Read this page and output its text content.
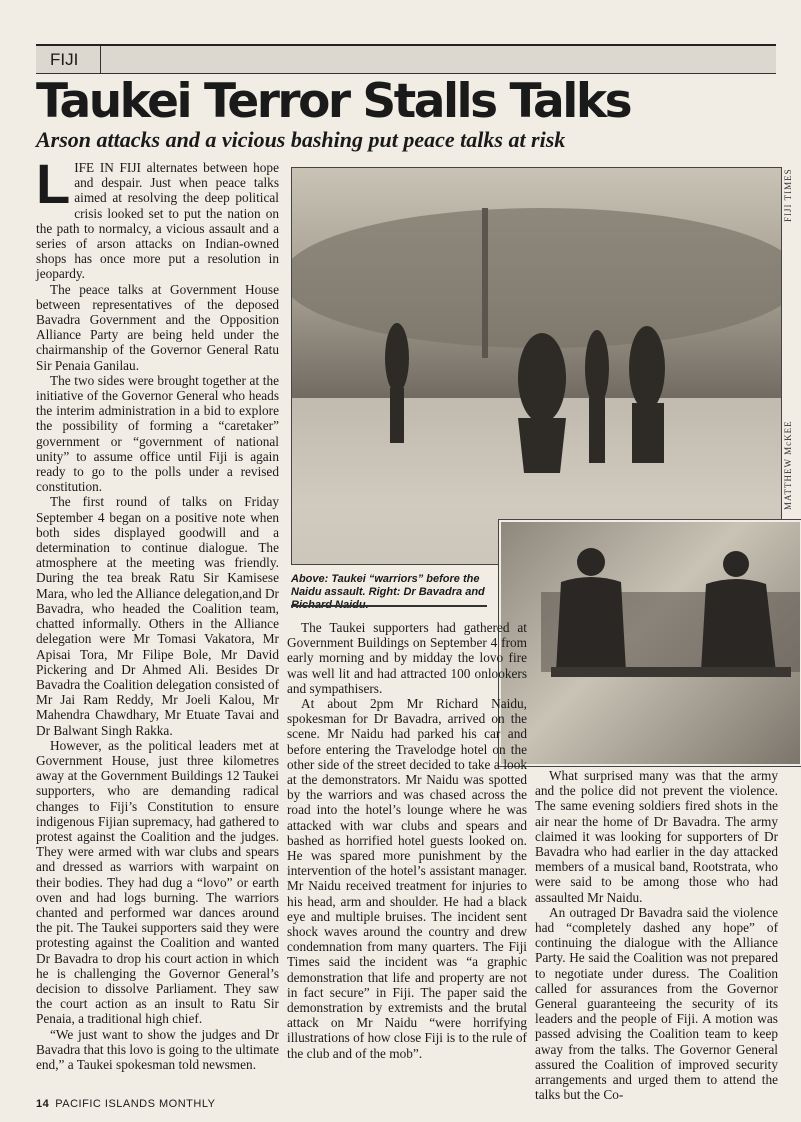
FIJI
Taukei Terror Stalls Talks
Arson attacks and a vicious bashing put peace talks at risk

LIFE IN FIJI alternates between hope and despair. Just when peace talks aimed at resolving the deep political crisis looked set to put the nation on the path to normalcy, a vicious assault and a series of arson attacks on Indian-owned shops has once more put a resolution in jeopardy.

The peace talks at Government House between representatives of the deposed Bavadra Government and the Opposition Alliance Party are being held under the chairmanship of the Governor General Ratu Sir Penaia Ganilau.

The two sides were brought together at the initiative of the Governor General who heads the interim administration in a bid to explore the possibility of forming a “caretaker” government or “government of national unity” to assume office until Fiji is again ready to go to the polls under a revised constitution.

The first round of talks on Friday September 4 began on a positive note when both sides displayed goodwill and a determination to continue dialogue. The atmosphere at the meeting was friendly. During the tea break Ratu Sir Kamisese Mara, who led the Alliance delegation,and Dr Bavadra, who headed the Coalition team, chatted informally. Others in the Alliance delegation were Mr Tomasi Vakatora, Mr Apisai Tora, Mr Filipe Bole, Mr David Pickering and Dr Ahmed Ali. Besides Dr Bavadra the Coalition delegation consisted of Mr Jai Ram Reddy, Mr Joeli Kalou, Mr Mahendra Chawdhary, Mr Etuate Tavai and Dr Balwant Singh Rakka.

However, as the political leaders met at Government House, just three kilometres away at the Government Buildings 12 Taukei supporters, who are demanding radical changes to Fiji’s Constitution to ensure indigenous Fijian supremacy, had gathered to protest against the Coalition and the judges. They were armed with war clubs and spears and dressed as warriors with warpaint on their bodies. They had dug a “lovo” or earth oven and had logs burning. The warriors chanted and performed war dances around the pit. The Taukei supporters said they were protesting against the Coalition and wanted Dr Bavadra to drop his court action in which he is challenging the Governor General’s decision to dissolve Parliament. They saw the court action as an insult to Ratu Sir Penaia, a traditional high chief.

“We just want to show the judges and Dr Bavadra that this lovo is going to the ultimate end,” a Taukei spokesman told newsmen.

FIJI TIMES
MATTHEW McKEE
Above: Taukei “warriors” before the Naidu assault. Right: Dr Bavadra and Richard Naidu.

The Taukei supporters had gathered at Government Buildings on September 4 from early morning and by midday the lovo fire was well lit and had attracted 100 onlookers and sympathisers.

At about 2pm Mr Richard Naidu, spokesman for Dr Bavadra, arrived on the scene. Mr Naidu had parked his car and before entering the Travelodge hotel on the other side of the street decided to take a look at the demonstrators. Mr Naidu was spotted by the warriors and was chased across the road into the hotel’s lounge where he was attacked with war clubs and spears and bashed as horrified hotel guests looked on. He was spared more punishment by the intervention of the hotel’s assistant manager. Mr Naidu received treatment for injuries to his head, arm and shoulder. He had a black eye and multiple bruises. The incident sent shock waves around the country and drew condemnation from many quarters. The Fiji Times said the incident was “a graphic demonstration that life and property are not in fact secure” in Fiji. The paper said the demonstration by extremists and the brutal attack on Mr Naidu “were horrifying illustrations of how close Fiji is to the rule of the club and of the mob”.

What surprised many was that the army and the police did not prevent the violence. The same evening soldiers fired shots in the air near the home of Dr Bavadra. The army claimed it was looking for supporters of Dr Bavadra who had earlier in the day attacked members of a musical band, Rootstrata, who were said to be among those who had assaulted Mr Naidu.

An outraged Dr Bavadra said the violence had “completely dashed any hope” of continuing the dialogue with the Alliance Party. He said the Coalition was not prepared to negotiate under duress. The Coalition called for assurances from the Governor General guaranteeing the security of its leaders and the people of Fiji. A motion was passed advising the Coalition team to keep away from the talks. The Governor General assured the Coalition of improved security arrangements and urged them to attend the talks but the Co-

14 PACIFIC ISLANDS MONTHLY
